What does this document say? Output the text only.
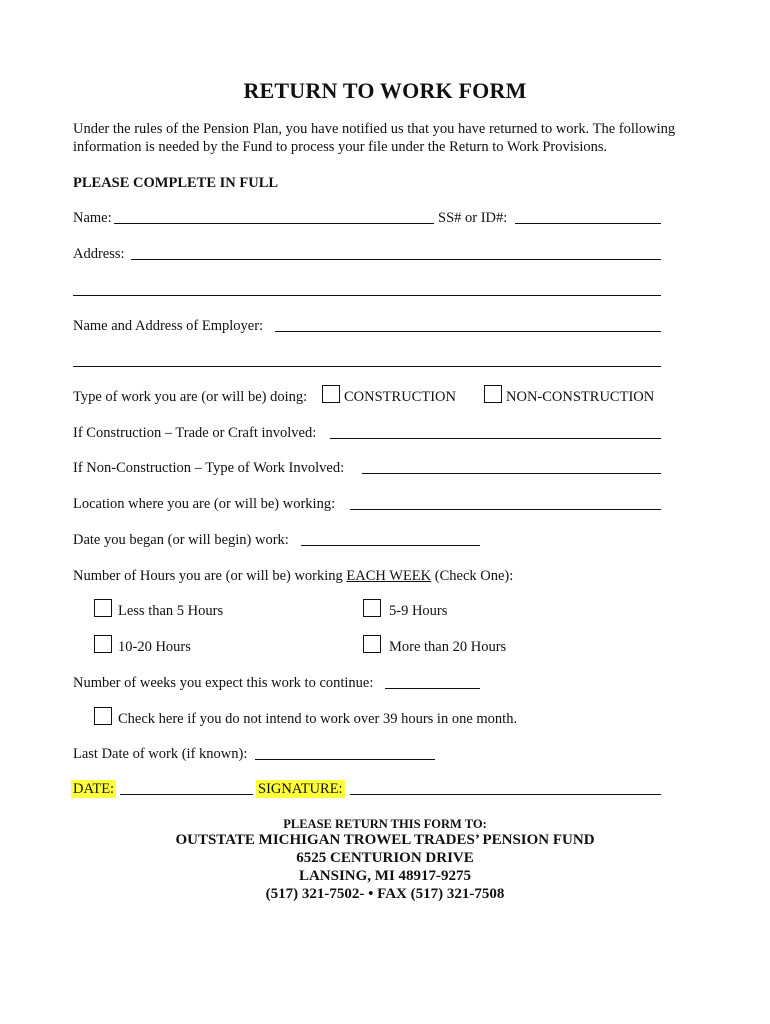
RETURN TO WORK FORM
Under the rules of the Pension Plan, you have notified us that you have returned to work. The following
information is needed by the Fund to process your file under the Return to Work Provisions.
PLEASE COMPLETE IN FULL
Name:	SS# or ID#:
Address:
Name and Address of Employer:
Type of work you are (or will be) doing:	CONSTRUCTION	NON-CONSTRUCTION
If Construction – Trade or Craft involved:
If Non-Construction – Type of Work Involved:
Location where you are (or will be) working:
Date you began (or will begin) work:
Number of Hours you are (or will be) working EACH WEEK (Check One):
Less than 5 Hours	5-9 Hours
10-20 Hours	More than 20 Hours
Number of weeks you expect this work to continue:
Check here if you do not intend to work over 39 hours in one month.
Last Date of work (if known):
DATE:	SIGNATURE:
PLEASE RETURN THIS FORM TO:
OUTSTATE MICHIGAN TROWEL TRADES’ PENSION FUND
6525 CENTURION DRIVE
LANSING, MI 48917-9275
(517) 321-7502- • FAX (517) 321-7508
